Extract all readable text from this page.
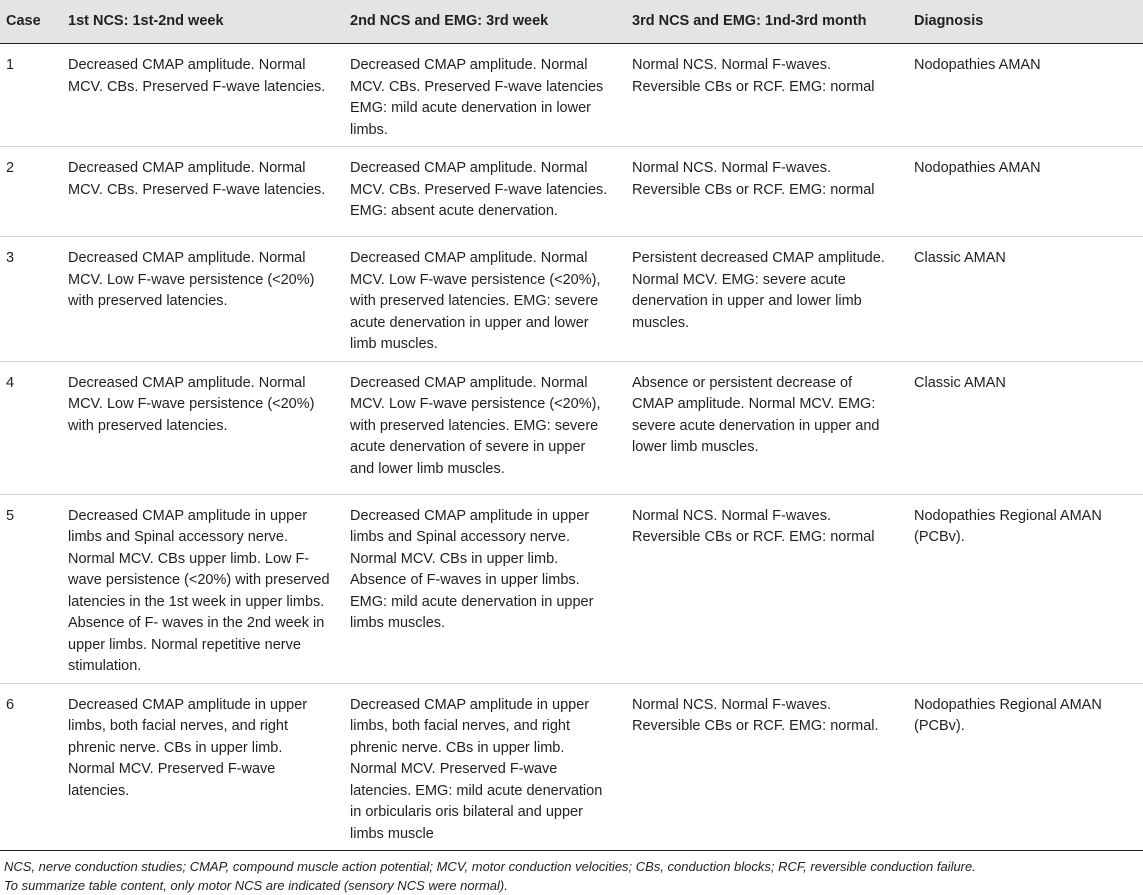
Case	1st NCS: 1st-2nd week	2nd NCS and EMG: 3rd week	3rd NCS and EMG: 1nd-3rd month	Diagnosis
1	Decreased CMAP amplitude. Normal MCV. CBs. Preserved F-wave latencies.	Decreased CMAP amplitude. Normal MCV. CBs. Preserved F-wave latencies EMG: mild acute denervation in lower limbs.	Normal NCS. Normal F-waves. Reversible CBs or RCF. EMG: normal	Nodopathies AMAN
2	Decreased CMAP amplitude. Normal MCV. CBs. Preserved F-wave latencies.	Decreased CMAP amplitude. Normal MCV. CBs. Preserved F-wave latencies. EMG: absent acute denervation.	Normal NCS. Normal F-waves. Reversible CBs or RCF. EMG: normal	Nodopathies AMAN
3	Decreased CMAP amplitude. Normal MCV. Low F-wave persistence (<20%) with preserved latencies.	Decreased CMAP amplitude. Normal MCV. Low F-wave persistence (<20%), with preserved latencies. EMG: severe acute denervation in upper and lower limb muscles.	Persistent decreased CMAP amplitude. Normal MCV. EMG: severe acute denervation in upper and lower limb muscles.	Classic AMAN
4	Decreased CMAP amplitude. Normal MCV. Low F-wave persistence (<20%) with preserved latencies.	Decreased CMAP amplitude. Normal MCV. Low F-wave persistence (<20%), with preserved latencies. EMG: severe acute denervation of severe in upper and lower limb muscles.	Absence or persistent decrease of CMAP amplitude. Normal MCV. EMG: severe acute denervation in upper and lower limb muscles.	Classic AMAN
5	Decreased CMAP amplitude in upper limbs and Spinal accessory nerve. Normal MCV. CBs upper limb. Low F-wave persistence (<20%) with preserved latencies in the 1st week in upper limbs. Absence of F- waves in the 2nd week in upper limbs. Normal repetitive nerve stimulation.	Decreased CMAP amplitude in upper limbs and Spinal accessory nerve. Normal MCV. CBs in upper limb. Absence of F-waves in upper limbs. EMG: mild acute denervation in upper limbs muscles.	Normal NCS. Normal F-waves. Reversible CBs or RCF. EMG: normal	Nodopathies Regional AMAN (PCBv).
6	Decreased CMAP amplitude in upper limbs, both facial nerves, and right phrenic nerve. CBs in upper limb. Normal MCV. Preserved F-wave latencies.	Decreased CMAP amplitude in upper limbs, both facial nerves, and right phrenic nerve. CBs in upper limb. Normal MCV. Preserved F-wave latencies. EMG: mild acute denervation in orbicularis oris bilateral and upper limbs muscle	Normal NCS. Normal F-waves. Reversible CBs or RCF. EMG: normal.	Nodopathies Regional AMAN (PCBv).
NCS, nerve conduction studies; CMAP, compound muscle action potential; MCV, motor conduction velocities; CBs, conduction blocks; RCF, reversible conduction failure.
To summarize table content, only motor NCS are indicated (sensory NCS were normal).
